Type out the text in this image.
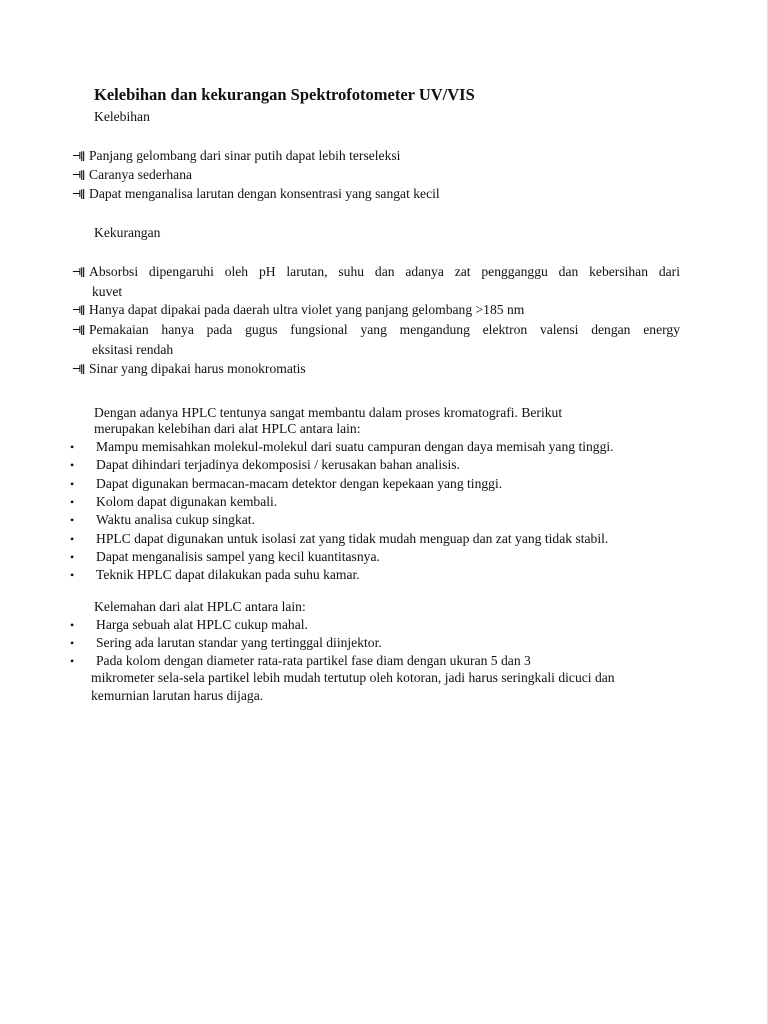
Kelebihan dan kekurangan Spektrofotometer UV/VIS

Kelebihan

⊣∥ Panjang gelombang dari sinar putih dapat lebih terseleksi

⊣∥ Caranya sederhana

⊣∥ Dapat menganalisa larutan dengan konsentrasi yang sangat kecil

Kekurangan

⊣∥ Absorbsi dipengaruhi oleh pH larutan, suhu dan adanya zat pengganggu dan kebersihan dari
kuvet
⊣∥ Hanya dapat dipakai pada daerah ultra violet yang panjang gelombang >185 nm
⊣∥ Pemakaian hanya pada gugus fungsional yang mengandung elektron valensi dengan energy
eksitasi rendah
⊣∥ Sinar yang dipakai harus monokromatis

Dengan adanya HPLC tentunya sangat membantu dalam proses kromatografi. Berikut

merupakan kelebihan dari alat HPLC antara lain:

• Mampu memisahkan molekul-molekul dari suatu campuran dengan daya memisah yang tinggi.

• Dapat dihindari terjadinya dekomposisi / kerusakan bahan analisis.

• Dapat digunakan bermacan-macam detektor dengan kepekaan yang tinggi.

• Kolom dapat digunakan kembali.

• Waktu analisa cukup singkat.

• HPLC dapat digunakan untuk isolasi zat yang tidak mudah menguap dan zat yang tidak stabil.

• Dapat menganalisis sampel yang kecil kuantitasnya.

• Teknik HPLC dapat dilakukan pada suhu kamar.

Kelemahan dari alat HPLC antara lain:

• Harga sebuah alat HPLC cukup mahal.

• Sering ada larutan standar yang tertinggal diinjektor.

• Pada kolom dengan diameter rata-rata partikel fase diam dengan ukuran 5 dan 3

mikrometer sela-sela partikel lebih mudah tertutup oleh kotoran, jadi harus seringkali dicuci dan

kemurnian larutan harus dijaga.
